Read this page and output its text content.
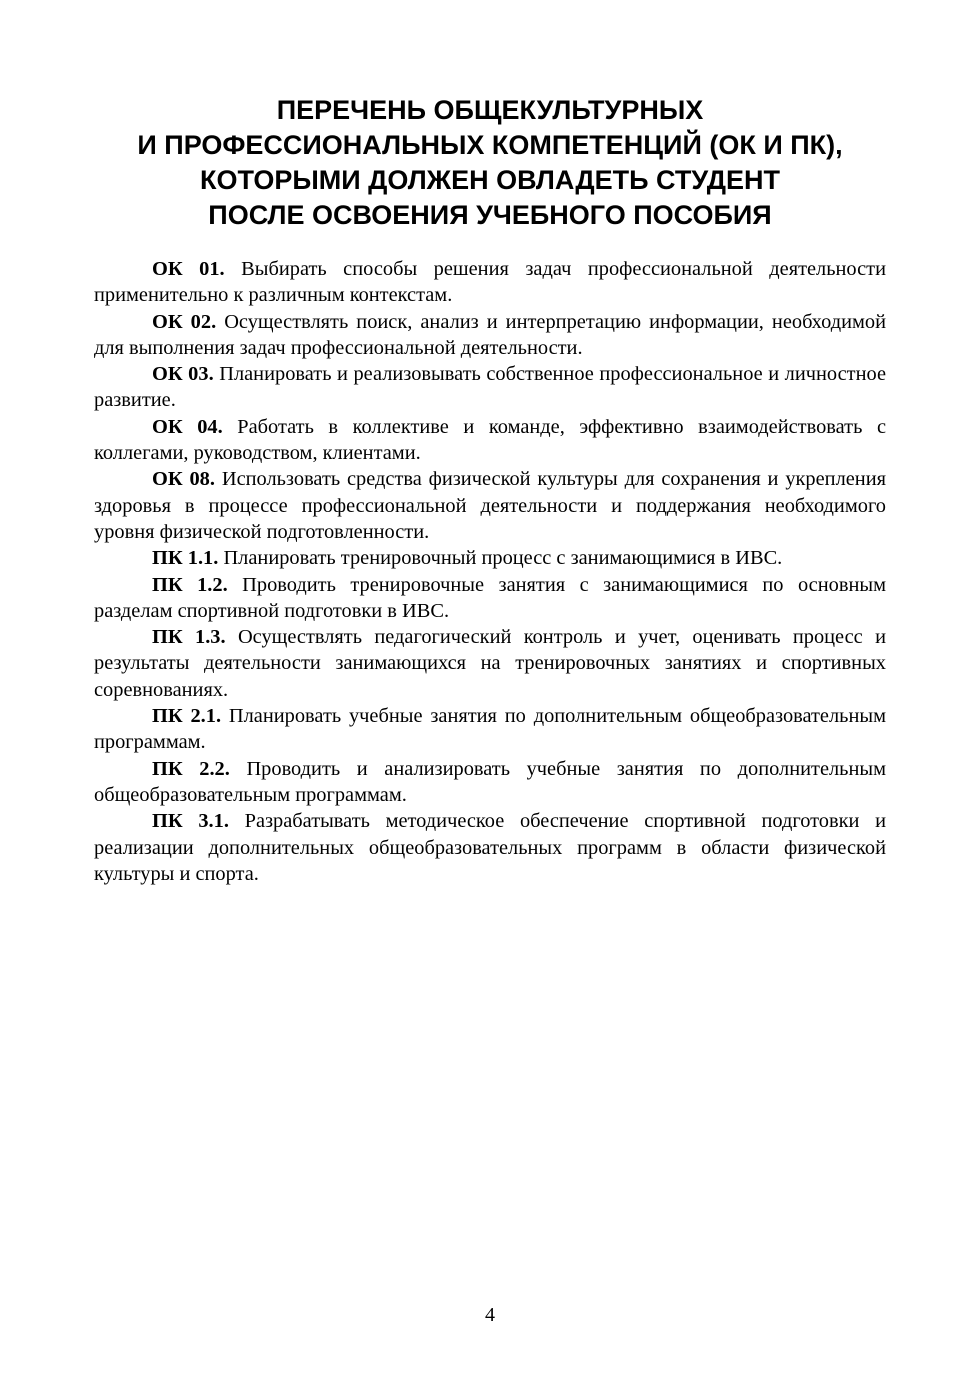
ПЕРЕЧЕНЬ ОБЩЕКУЛЬТУРНЫХ
И ПРОФЕССИОНАЛЬНЫХ КОМПЕТЕНЦИЙ (ОК И ПК),
КОТОРЫМИ ДОЛЖЕН ОВЛАДЕТЬ СТУДЕНТ
ПОСЛЕ ОСВОЕНИЯ УЧЕБНОГО ПОСОБИЯ

ОК 01. Выбирать способы решения задач профессиональной деятельности применительно к различным контекстам.

ОК 02. Осуществлять поиск, анализ и интерпретацию информации, необходимой для выполнения задач профессиональной деятельности.

ОК 03. Планировать и реализовывать собственное профессиональное и личностное развитие.

ОК 04. Работать в коллективе и команде, эффективно взаимодействовать с коллегами, руководством, клиентами.

ОК 08. Использовать средства физической культуры для сохранения и укрепления здоровья в процессе профессиональной деятельности и поддержания необходимого уровня физической подготовленности.

ПК 1.1. Планировать тренировочный процесс с занимающимися в ИВС.

ПК 1.2. Проводить тренировочные занятия с занимающимися по основным разделам спортивной подготовки в ИВС.

ПК 1.3. Осуществлять педагогический контроль и учет, оценивать процесс и результаты деятельности занимающихся на тренировочных занятиях и спортивных соревнованиях.

ПК 2.1. Планировать учебные занятия по дополнительным общеобразовательным программам.

ПК 2.2. Проводить и анализировать учебные занятия по дополнительным общеобразовательным программам.

ПК 3.1. Разрабатывать методическое обеспечение спортивной подготовки и реализации дополнительных общеобразовательных программ в области физической культуры и спорта.

4
